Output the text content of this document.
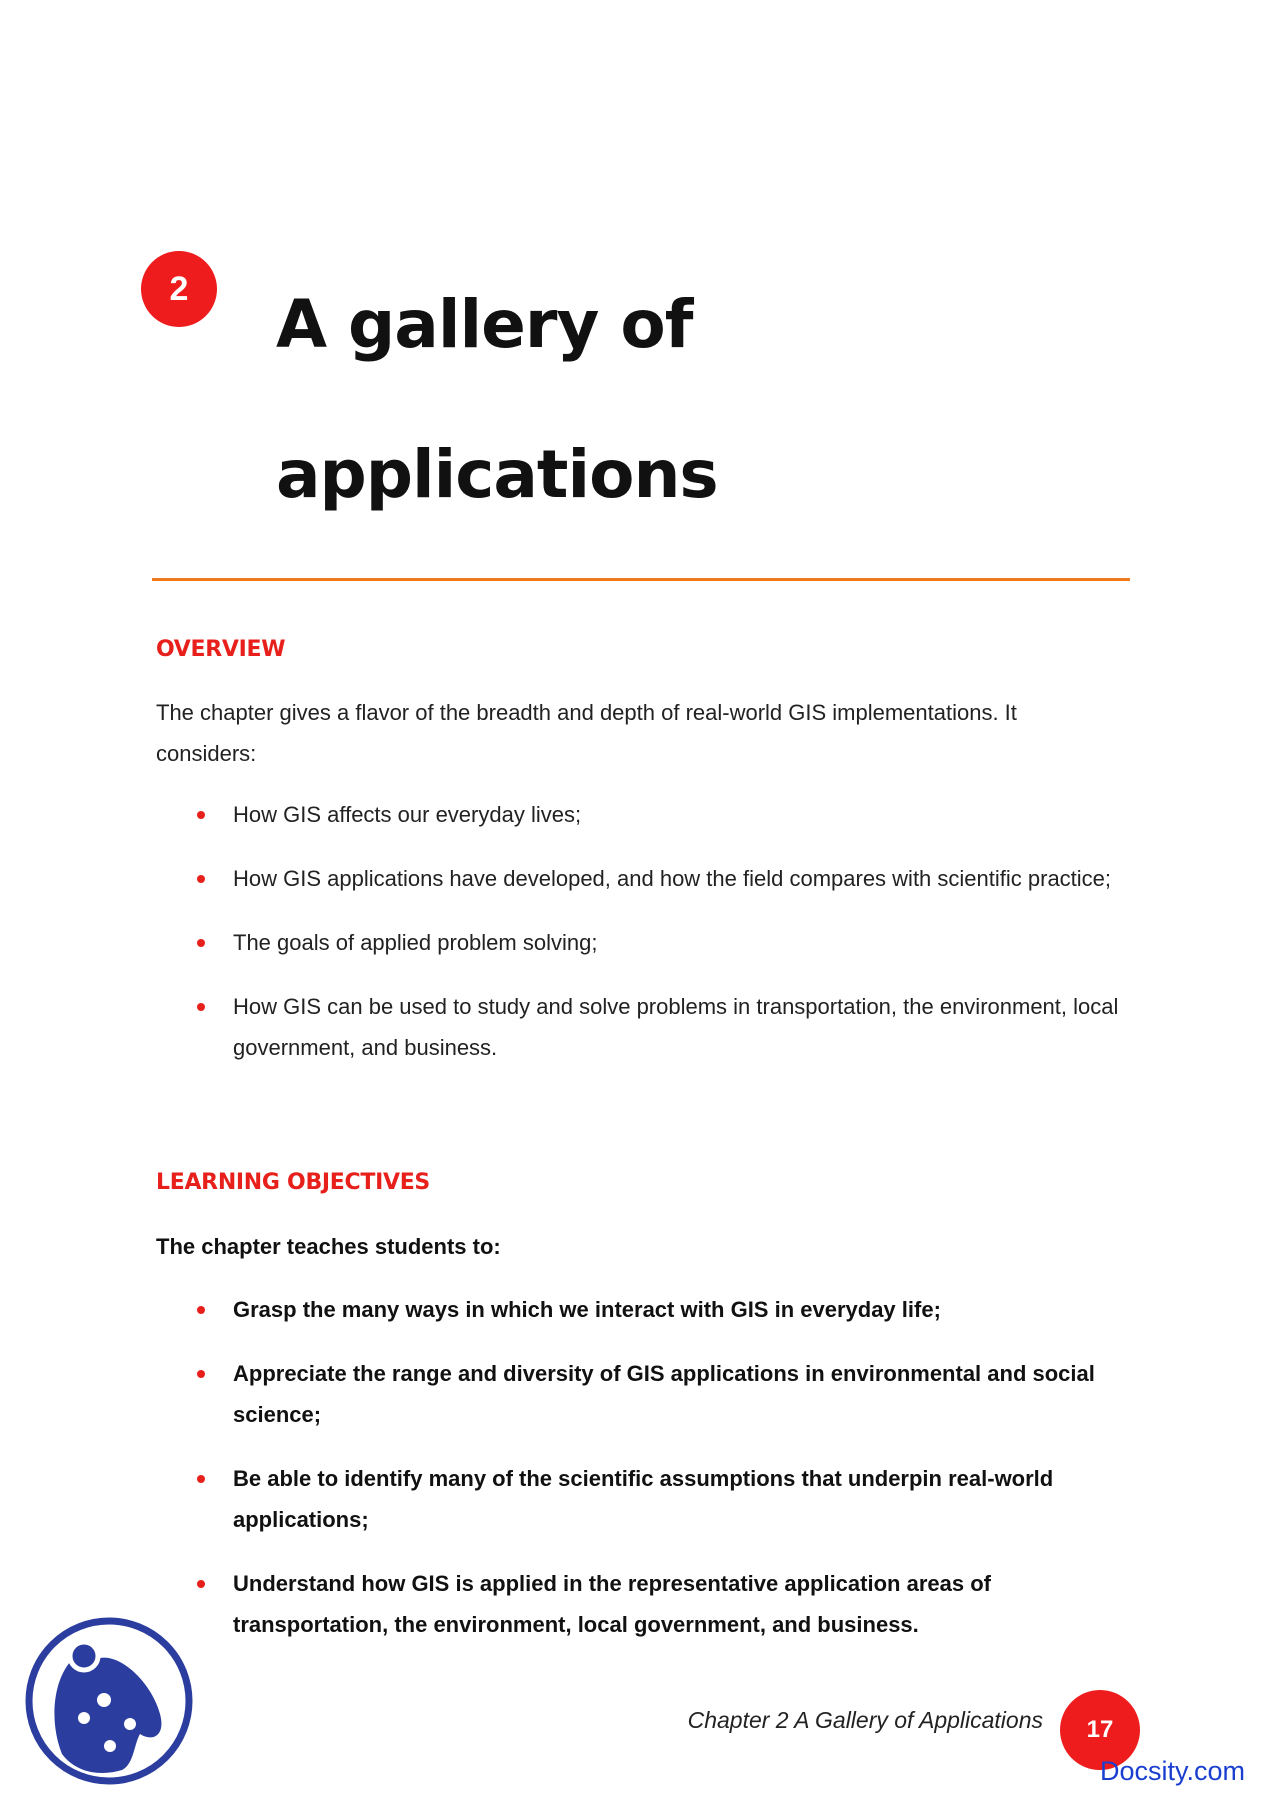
2	A gallery of
applications
OVERVIEW

The chapter gives a flavor of the breadth and depth of real-world GIS implementations. It considers:

How GIS affects our everyday lives;
How GIS applications have developed, and how the field compares with scientific practice;
The goals of applied problem solving;
How GIS can be used to study and solve problems in transportation, the environment, local government, and business.
LEARNING OBJECTIVES

The chapter teaches students to:

Grasp the many ways in which we interact with GIS in everyday life;
Appreciate the range and diversity of GIS applications in environmental and social science;
Be able to identify many of the scientific assumptions that underpin real-world applications;
Understand how GIS is applied in the representative application areas of transportation, the environment, local government, and business.
Chapter 2 A Gallery of Applications	17
Docsity.com
